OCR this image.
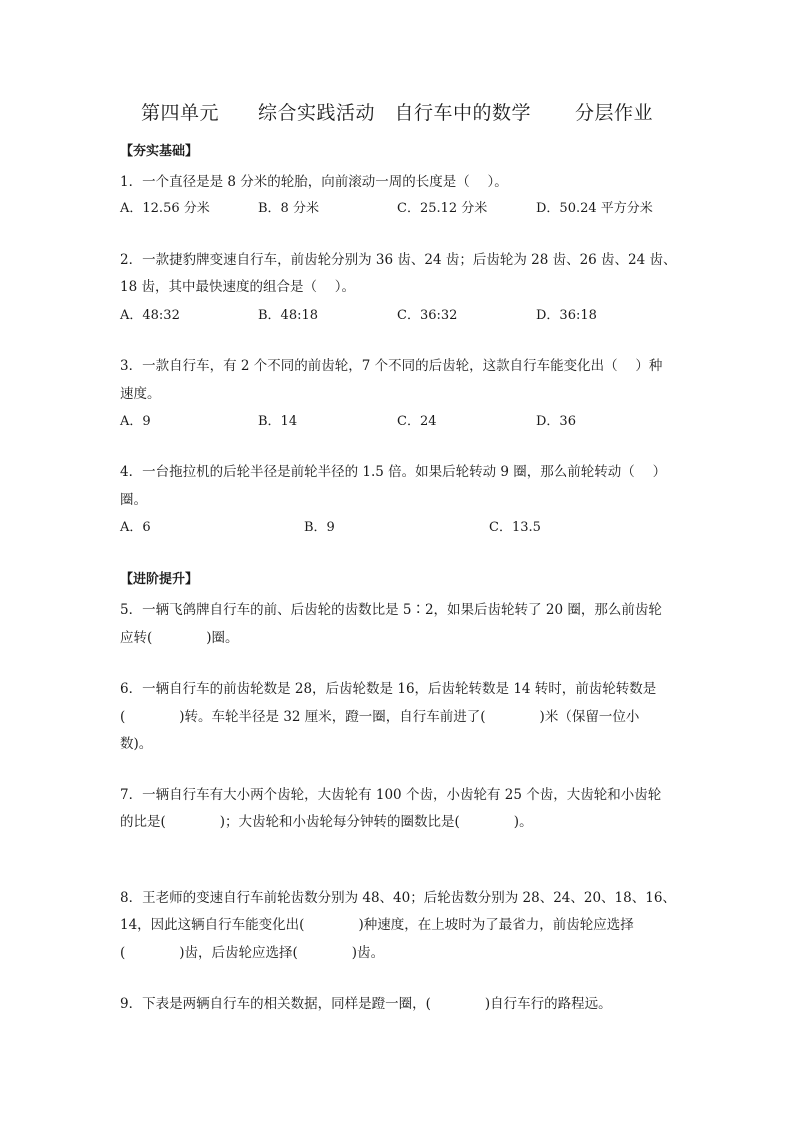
第四单元　　综合实践活动　自行车中的数学　 分层作业
【夯实基础】
1．一个直径是是 8 分米的轮胎，向前滚动一周的长度是（　 ）。
A．12.56 分米	B．8 分米	C．25.12 分米	D．50.24 平方分米
2．一款捷豹牌变速自行车，前齿轮分别为 36 齿、24 齿；后齿轮为 28 齿、26 齿、24 齿、
18 齿，其中最快速度的组合是（　 ）。
A．48:32	B．48:18	C．36:32	D．36:18
3．一款自行车，有 2 个不同的前齿轮，7 个不同的后齿轮，这款自行车能变化出（　 ）种
速度。
A．9	B．14	C．24	D．36
4．一台拖拉机的后轮半径是前轮半径的 1.5 倍。如果后轮转动 9 圈，那么前轮转动（　 ）
圈。
A．6	B．9	C．13.5
【进阶提升】
5．一辆飞鸽牌自行车的前、后齿轮的齿数比是 5∶2，如果后齿轮转了 20 圈，那么前齿轮
应转(　　　　)圈。
6．一辆自行车的前齿轮数是 28，后齿轮数是 16，后齿轮转数是 14 转时，前齿轮转数是
(　　　　)转。车轮半径是 32 厘米，蹬一圈，自行车前进了(　　　　)米（保留一位小
数)。
7．一辆自行车有大小两个齿轮，大齿轮有 100 个齿，小齿轮有 25 个齿，大齿轮和小齿轮
的比是(　　　　)；大齿轮和小齿轮每分钟转的圈数比是(　　　　)。
8．王老师的变速自行车前轮齿数分别为 48、40；后轮齿数分别为 28、24、20、18、16、
14，因此这辆自行车能变化出(　　　　)种速度，在上坡时为了最省力，前齿轮应选择
(　　　　)齿，后齿轮应选择(　　　　)齿。
9．下表是两辆自行车的相关数据，同样是蹬一圈，(　　　　)自行车行的路程远。
